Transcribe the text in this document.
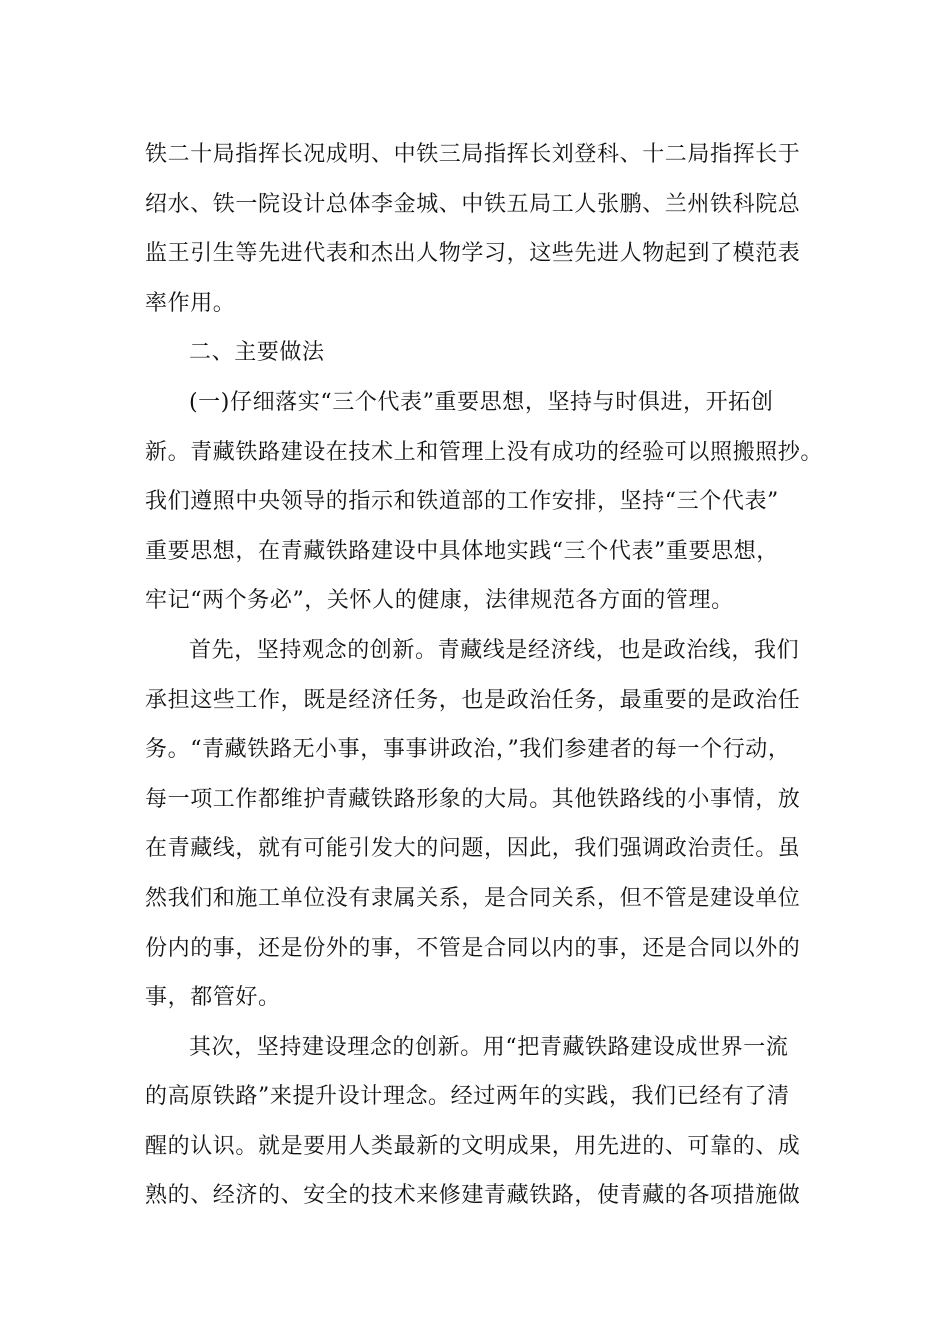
铁二十局指挥长况成明、中铁三局指挥长刘登科、十二局指挥长于
绍水、铁一院设计总体李金城、中铁五局工人张鹏、兰州铁科院总
监王引生等先进代表和杰出人物学习，这些先进人物起到了模范表
率作用。
二、主要做法
(一)仔细落实“三个代表”重要思想，坚持与时俱进，开拓创
新。青藏铁路建设在技术上和管理上没有成功的经验可以照搬照抄。
我们遵照中央领导的指示和铁道部的工作安排，坚持“三个代表”
重要思想，在青藏铁路建设中具体地实践“三个代表”重要思想，
牢记“两个务必”，关怀人的健康，法律规范各方面的管理。
首先，坚持观念的创新。青藏线是经济线，也是政治线，我们
承担这些工作，既是经济任务，也是政治任务，最重要的是政治任
务。“青藏铁路无小事，事事讲政治，”我们参建者的每一个行动，
每一项工作都维护青藏铁路形象的大局。其他铁路线的小事情，放
在青藏线，就有可能引发大的问题，因此，我们强调政治责任。虽
然我们和施工单位没有隶属关系，是合同关系，但不管是建设单位
份内的事，还是份外的事，不管是合同以内的事，还是合同以外的
事，都管好。
其次，坚持建设理念的创新。用“把青藏铁路建设成世界一流
的高原铁路”来提升设计理念。经过两年的实践，我们已经有了清
醒的认识。就是要用人类最新的文明成果，用先进的、可靠的、成
熟的、经济的、安全的技术来修建青藏铁路，使青藏的各项措施做
